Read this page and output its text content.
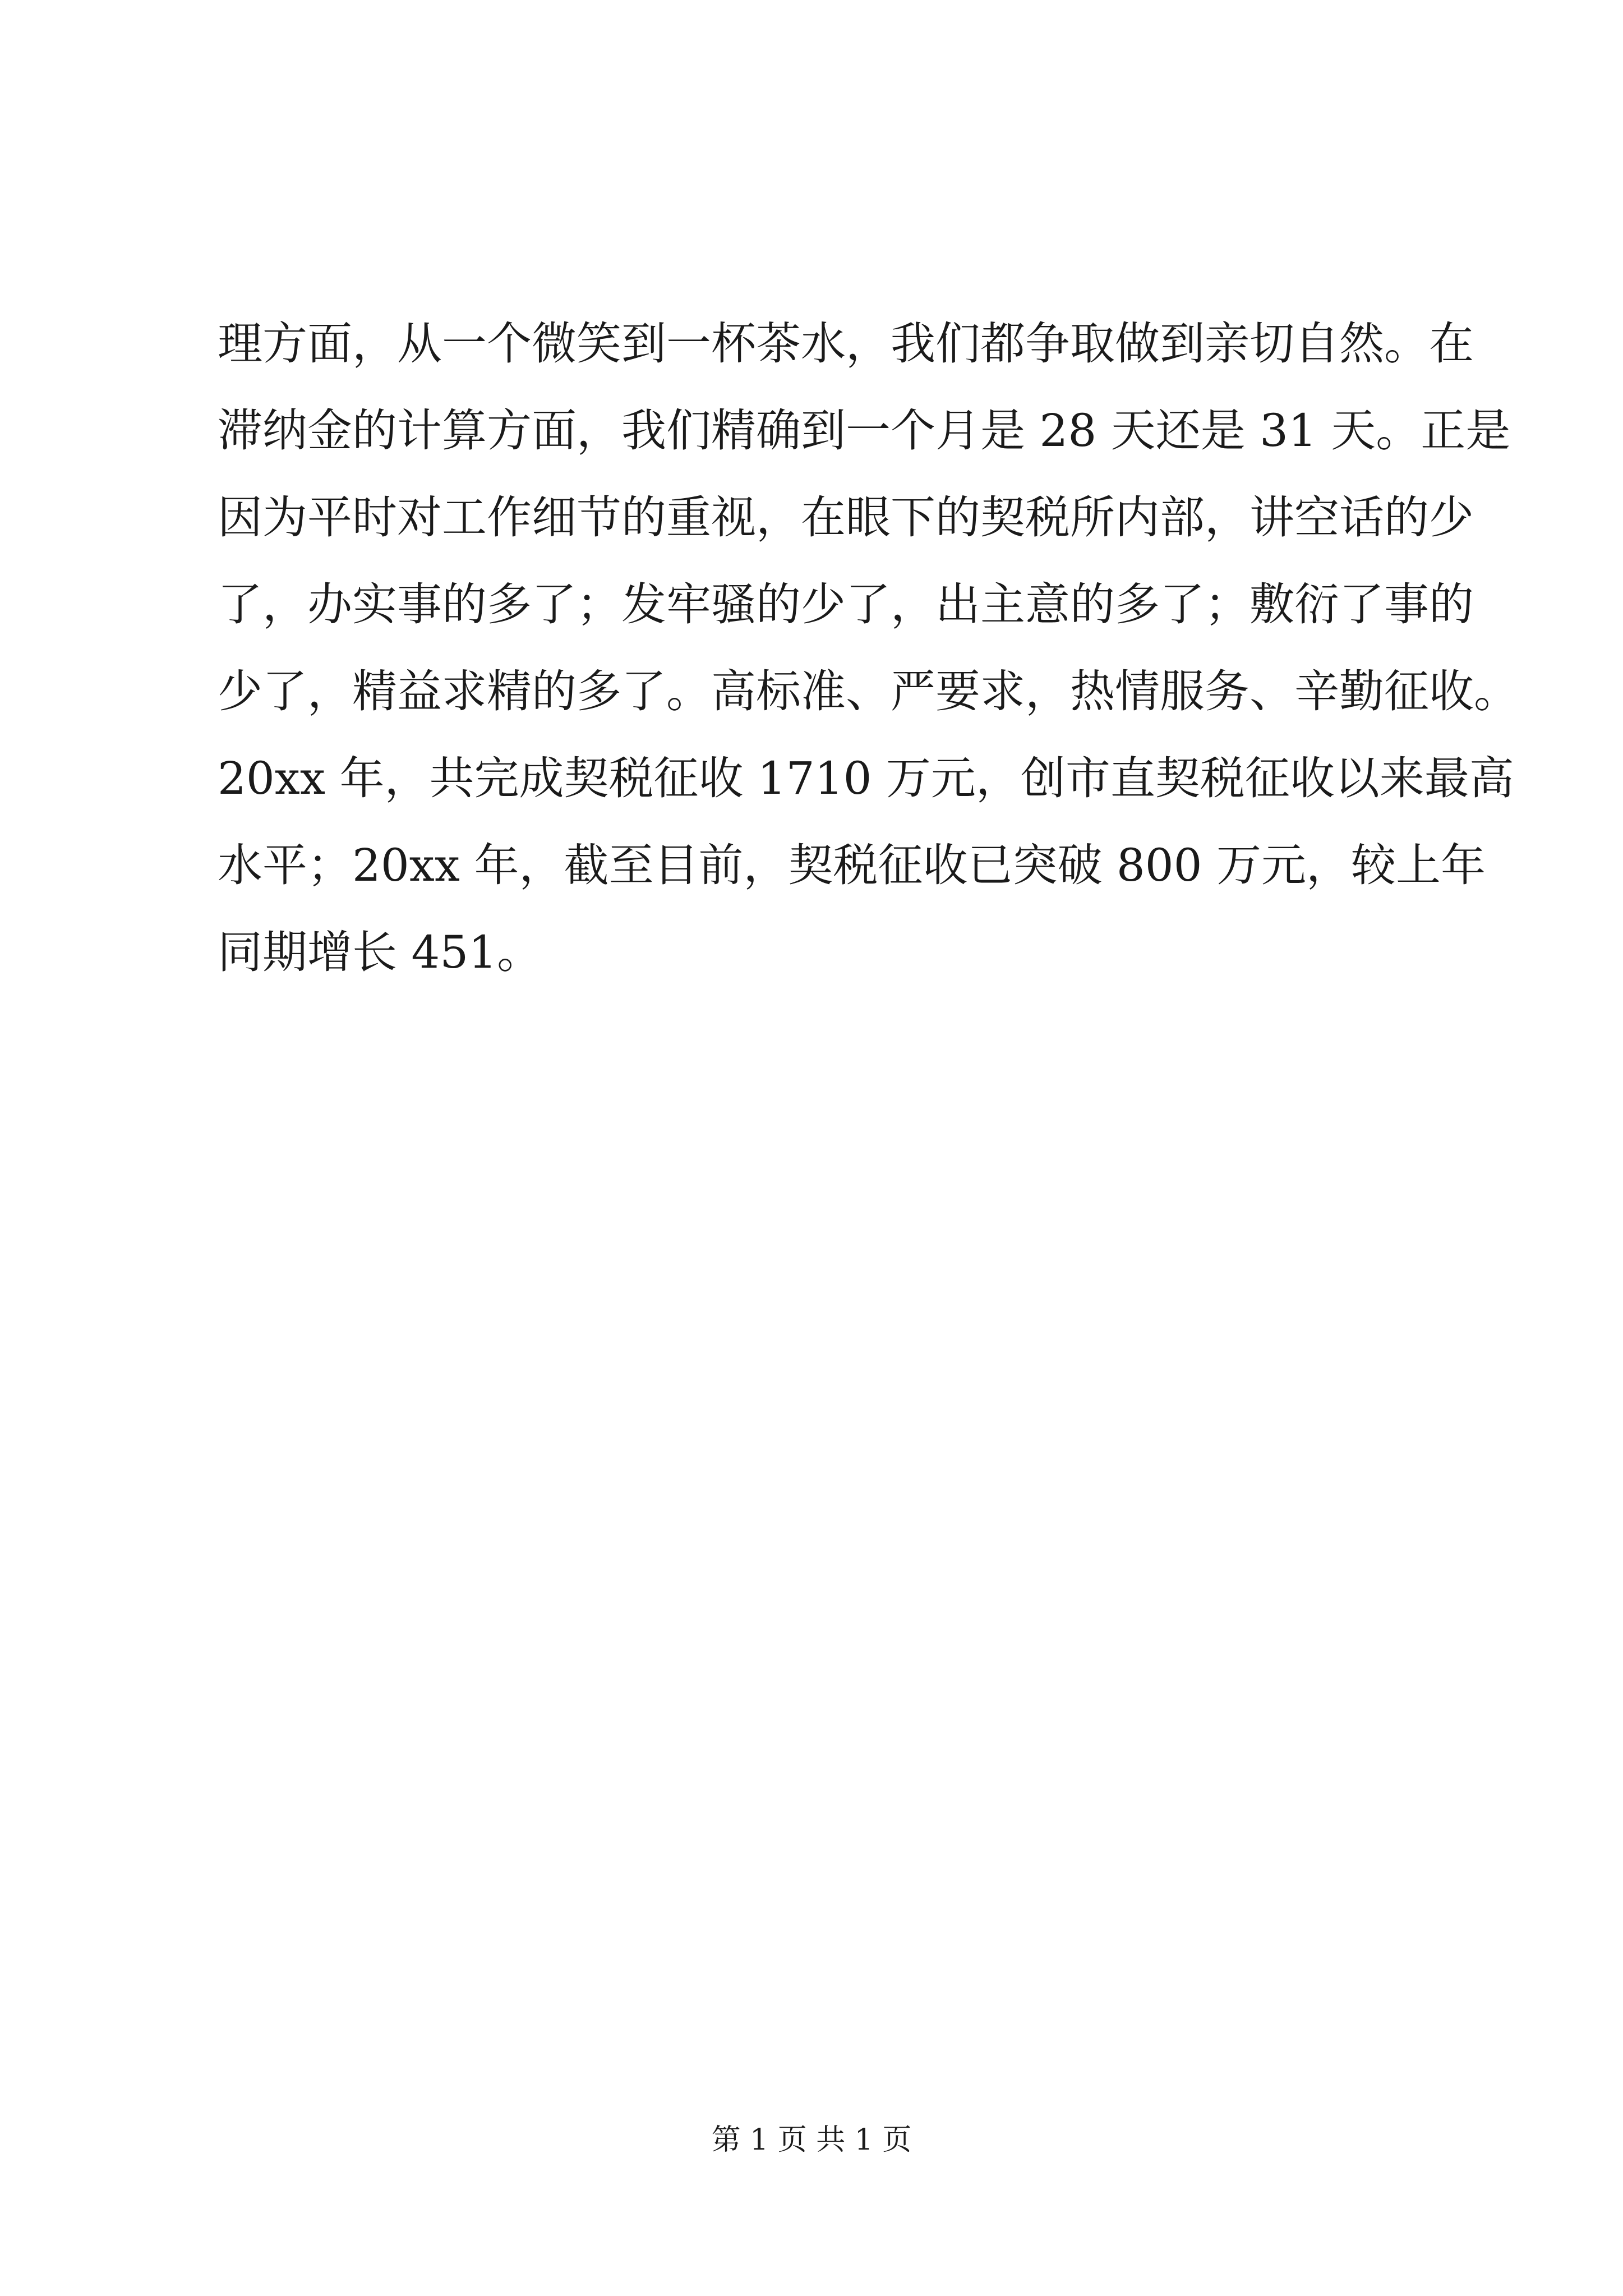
理方面，从一个微笑到一杯茶水，我们都争取做到亲切自然。在
滞纳金的计算方面，我们精确到一个月是 28 天还是 31 天。正是
因为平时对工作细节的重视，在眼下的契税所内部，讲空话的少
了，办实事的多了；发牢骚的少了，出主意的多了；敷衍了事的
少了，精益求精的多了。高标准、严要求，热情服务、辛勤征收。
20xx 年，共完成契税征收 1710 万元，创市直契税征收以来最高
水平；20xx 年，截至目前，契税征收已突破 800 万元，较上年
同期增长 451。
第 1 页 共 1 页
